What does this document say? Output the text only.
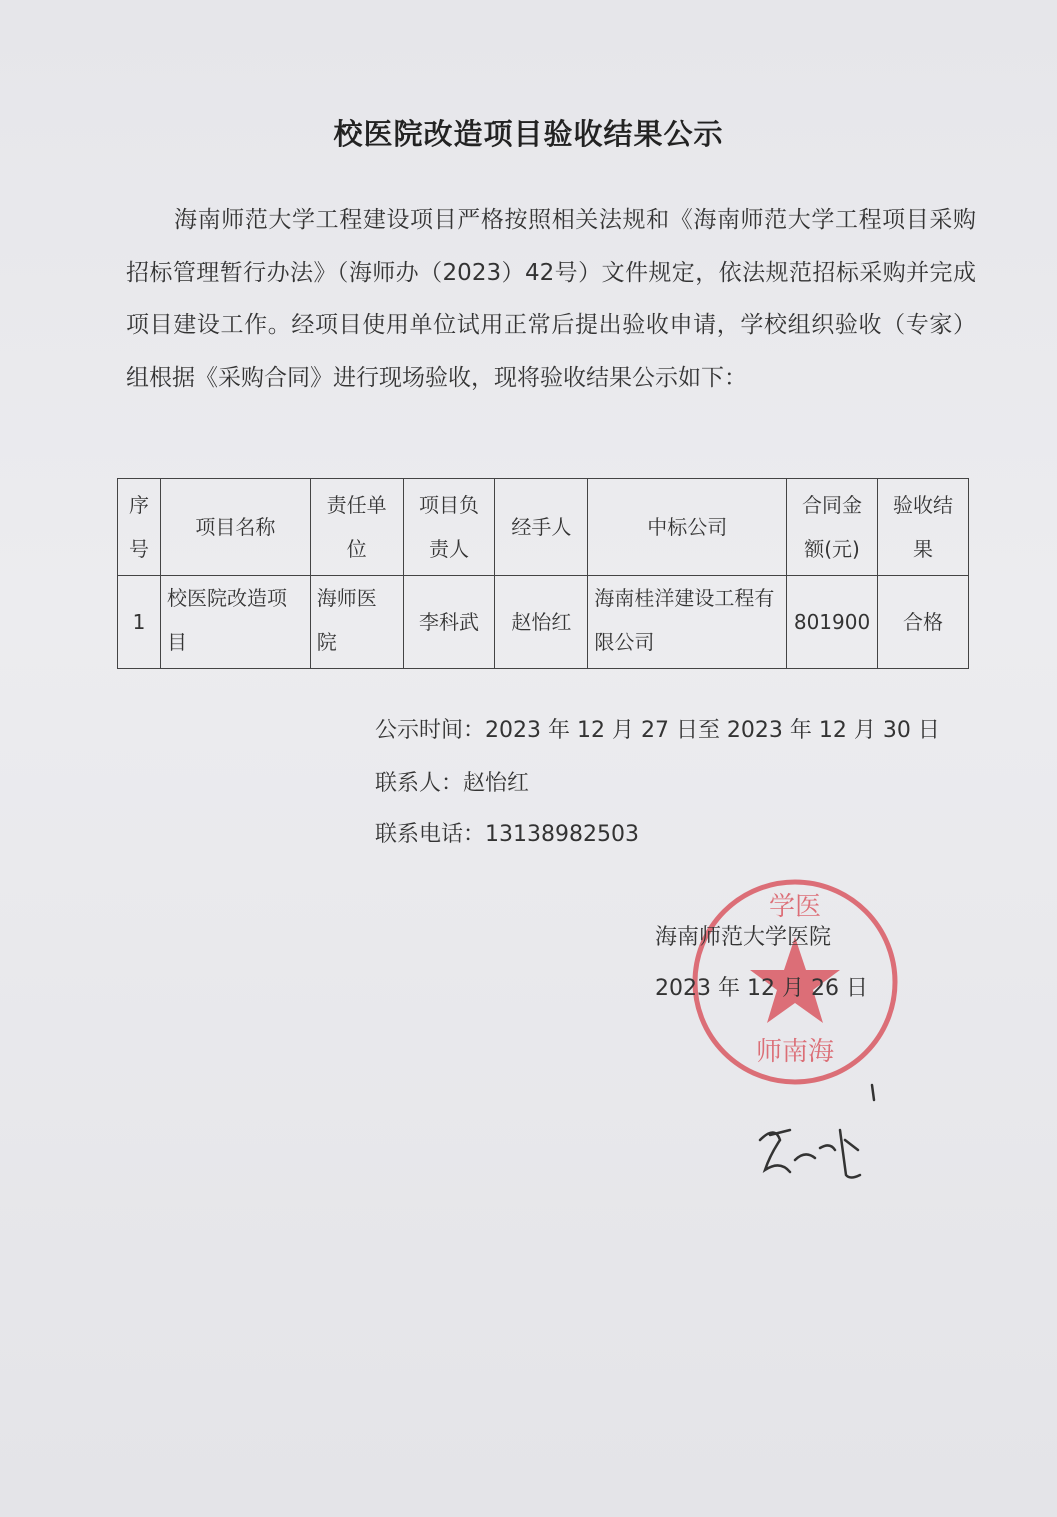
校医院改造项目验收结果公示
海南师范大学工程建设项目严格按照相关法规和《海南师范大学工程项目采购招标管理暂行办法》（海师办（2023）42号）文件规定，依法规范招标采购并完成项目建设工作。经项目使用单位试用正常后提出验收申请，学校组织验收（专家）组根据《采购合同》进行现场验收，现将验收结果公示如下：
序号	项目名称	责任单位	项目负责人	经手人	中标公司	合同金额(元)	验收结果
1	校医院改造项目	海师医院	李科武	赵怡红	海南桂洋建设工程有限公司	801900	合格
公示时间：2023 年 12 月 27 日至 2023 年 12 月 30 日
联系人：赵怡红
联系电话：13138982503
海南师范大学医院
2023 年 12 月 26 日
学医
师南海
